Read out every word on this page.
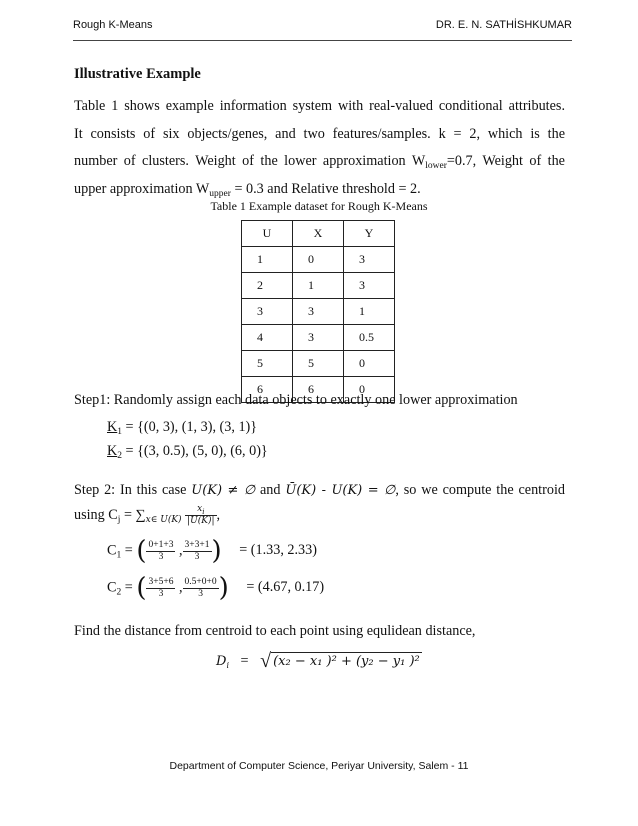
Rough K-Means	DR. E. N. SATHİSHKUMAR
Illustrative Example
Table 1 shows example information system with real-valued conditional attributes.
It consists of six objects/genes, and two features/samples. k = 2, which is the
number of clusters. Weight of the lower approximation $W_{lower}=0.7$, Weight of the
upper approximation $W_{upper} = 0.3$ and Relative threshold = 2.
Table 1 Example dataset for Rough K-Means
U	X	Y
1	0	3
2	1	3
3	3	1
4	3	0.5
5	5	0
6	6	0
Step1: Randomly assign each data objects to exactly one lower approximation
$K_1 = \{(0$, 3), (1, 3), (3, 1)}
$K_2 = \{(3$, 0.5), (5, 0), (6, 0)}
Step 2: In this case U(K) ≠ ∅ and Ū(K) - U(K) = ∅, so we compute the centroid
using $C_j = \sum_{x\in U(K)} \frac{x_i}{|U(K)|}$ ,
$C_1$ = ( $\frac{0+1+3}{3}$ , $\frac{3+3+1}{3}$ ) = (1.33, 2.33)
$C_2$ = ( $\frac{3+5+6}{3}$ , $\frac{0.5+0+0}{3}$ ) = (4.67, 0.17)
Find the distance from centroid to each point using equlidean distance,
$D_i$ = √ (x₂ − x₁ )² + (y₂ − y₁ )²
Department of Computer Science, Periyar University, Salem - 11
